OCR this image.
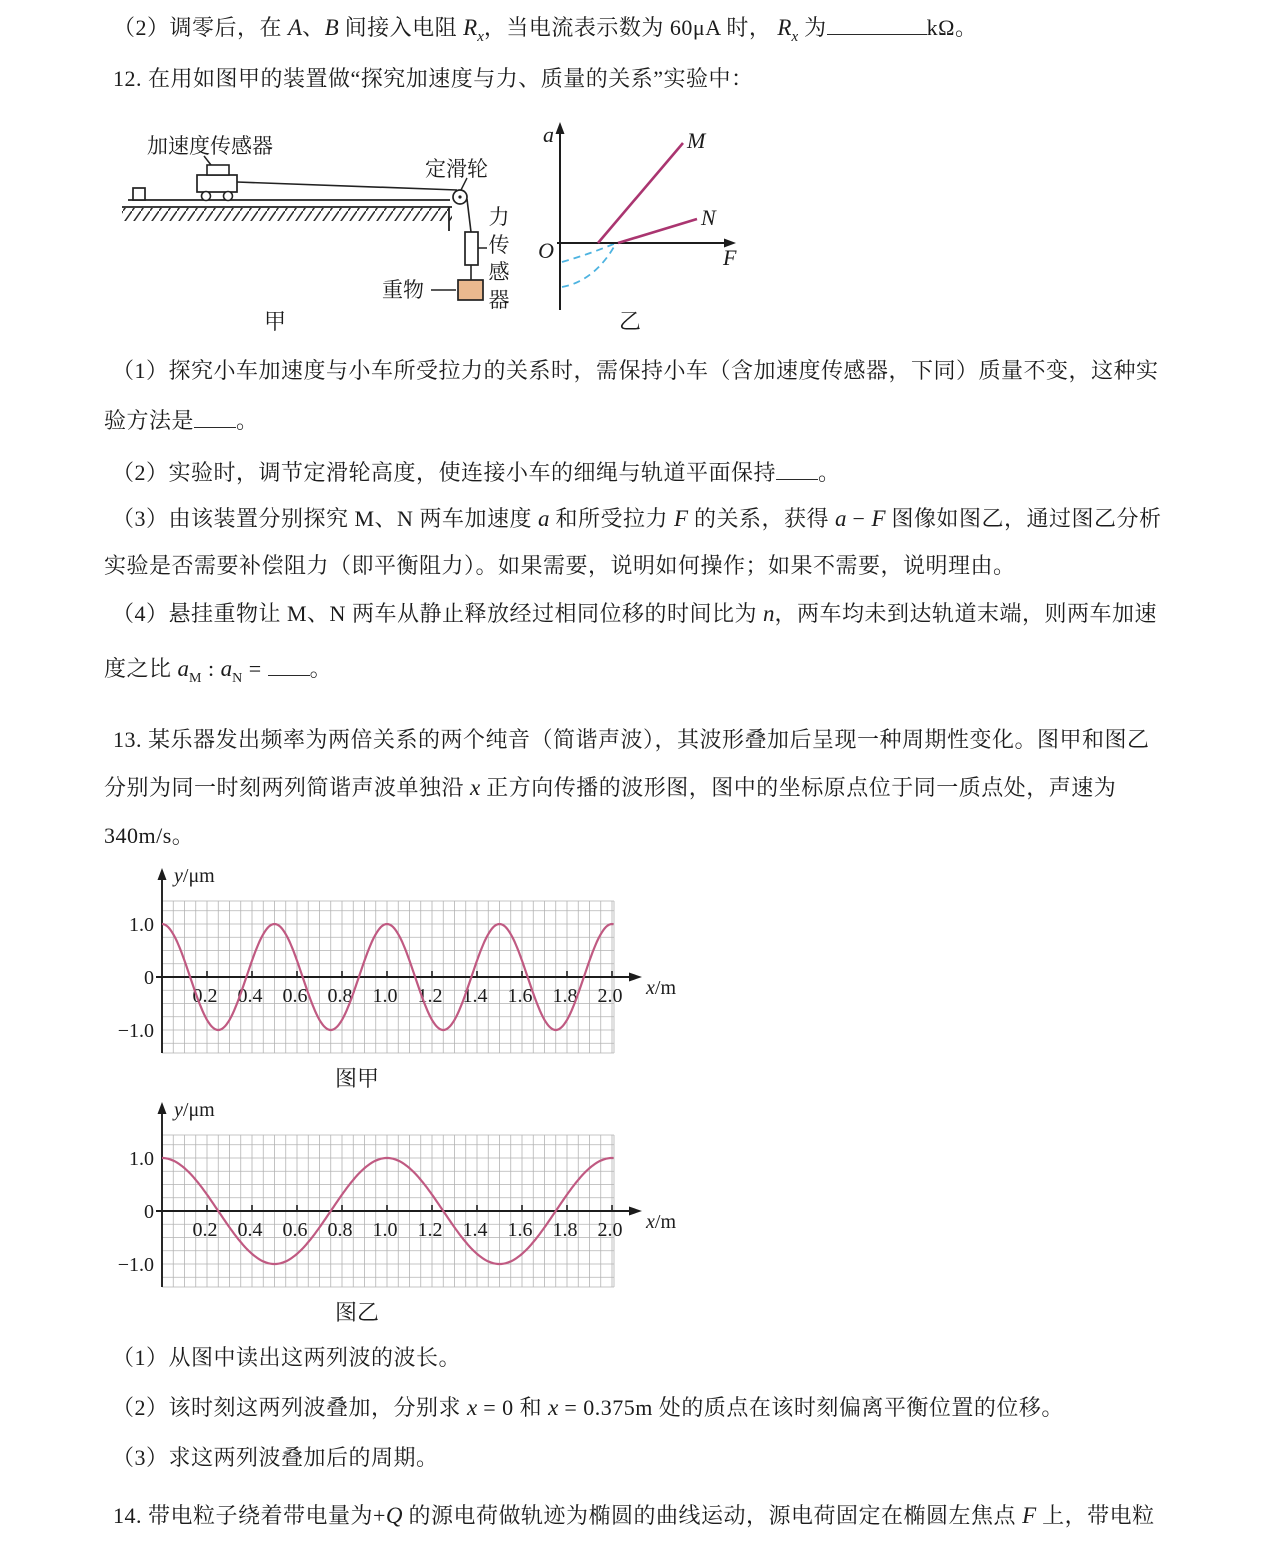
（2）调零后，在 A、B 间接入电阻 $R_x$，当电流表示数为 60μA 时， $R_x$ 为	kΩ。
12. 在用如图甲的装置做“探究加速度与力、质量的关系”实验中：
加速度传感器
定滑轮
重物
力传感器
甲
a
O	F
M
N
乙
（1）探究小车加速度与小车所受拉力的关系时，需保持小车（含加速度传感器，下同）质量不变，这种实
验方法是 。
（2）实验时，调节定滑轮高度，使连接小车的细绳与轨道平面保持 。
（3）由该装置分别探究 M、N 两车加速度 a 和所受拉力 F 的关系，获得 a − F 图像如图乙，通过图乙分析
实验是否需要补偿阻力（即平衡阻力）。如果需要，说明如何操作；如果不需要，说明理由。
（4）悬挂重物让 M、N 两车从静止释放经过相同位移的时间比为 n，两车均未到达轨道末端，则两车加速
度之比 $a_M$ : $a_N$ = 。
13. 某乐器发出频率为两倍关系的两个纯音（简谐声波），其波形叠加后呈现一种周期性变化。图甲和图乙
分别为同一时刻两列简谐声波单独沿 x 正方向传播的波形图，图中的坐标原点位于同一质点处，声速为
340m/s。
0.2 0.4 0.6 0.8 1.0 1.2 1.4 1.6 1.8 2.0
1.0
0
−1.0
y/μm
x/m
图甲
0.2 0.4 0.6 0.8 1.0 1.2 1.4 1.6 1.8 2.0
1.0
0
−1.0
y/μm
x/m
图乙
（1）从图中读出这两列波的波长。
（2）该时刻这两列波叠加，分别求 x = 0 和 x = 0.375m 处的质点在该时刻偏离平衡位置的位移。
（3）求这两列波叠加后的周期。
14. 带电粒子绕着带电量为+Q 的源电荷做轨迹为椭圆的曲线运动，源电荷固定在椭圆左焦点 F 上，带电粒
